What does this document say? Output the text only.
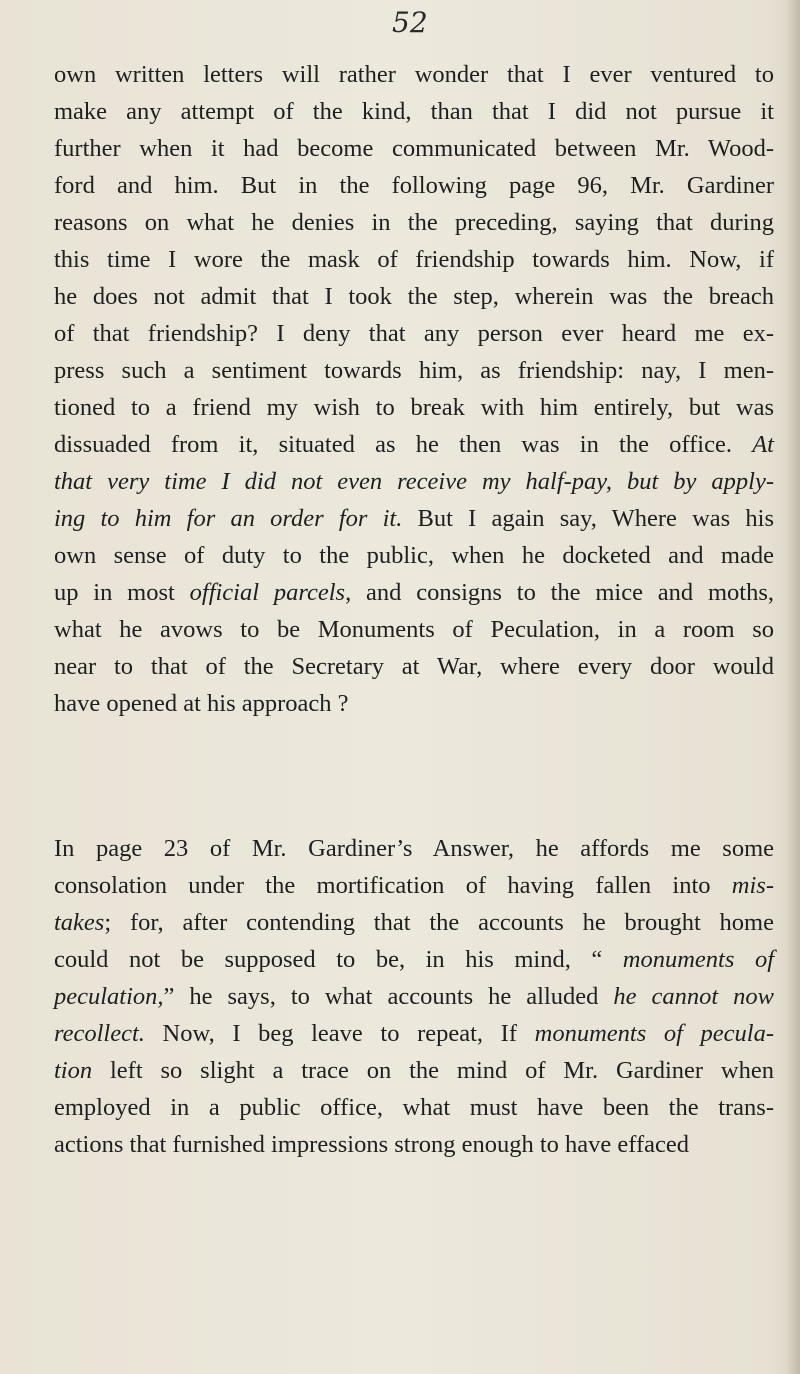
52

own written letters will rather wonder that I ever ventured to
make any attempt of the kind, than that I did not pursue it
further when it had become communicated between Mr. Wood-
ford and him. But in the following page 96, Mr. Gardiner
reasons on what he denies in the preceding, saying that during
this time I wore the mask of friendship towards him. Now, if
he does not admit that I took the step, wherein was the breach
of that friendship? I deny that any person ever heard me ex-
press such a sentiment towards him, as friendship: nay, I men-
tioned to a friend my wish to break with him entirely, but was
dissuaded from it, situated as he then was in the office. At
that very time I did not even receive my half-pay, but by apply-
ing to him for an order for it. But I again say, Where was his
own sense of duty to the public, when he docketed and made
up in most official parcels, and consigns to the mice and moths,
what he avows to be Monuments of Peculation, in a room so
near to that of the Secretary at War, where every door would
have opened at his approach ?
In page 23 of Mr. Gardiner’s Answer, he affords me some
consolation under the mortification of having fallen into mis-
takes; for, after contending that the accounts he brought home
could not be supposed to be, in his mind, “ monuments of
peculation,” he says, to what accounts he alluded he cannot now
recollect. Now, I beg leave to repeat, If monuments of pecula-
tion left so slight a trace on the mind of Mr. Gardiner when
employed in a public office, what must have been the trans-
actions that furnished impressions strong enough to have effaced
